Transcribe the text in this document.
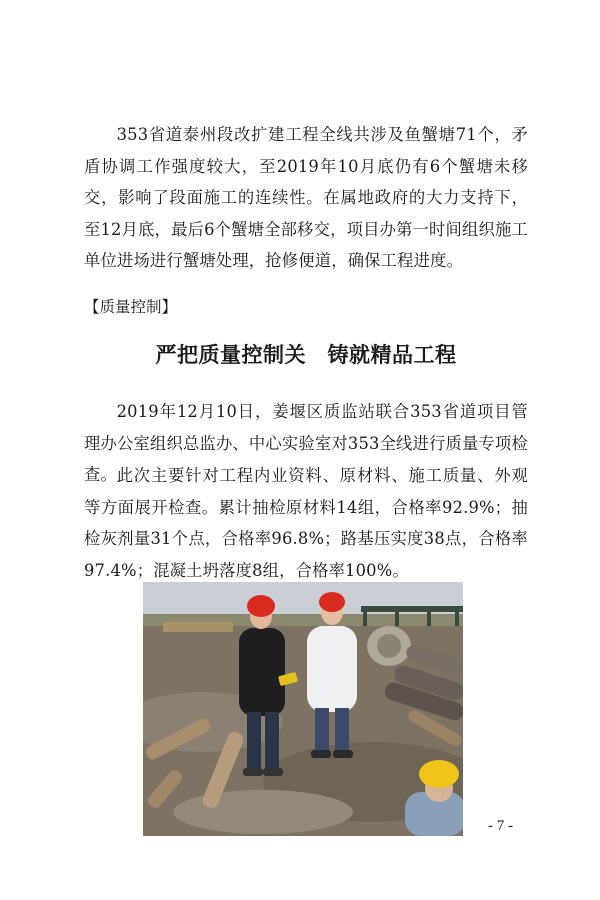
353省道泰州段改扩建工程全线共涉及鱼蟹塘71个，矛盾协调工作强度较大，至2019年10月底仍有6个蟹塘未移交，影响了段面施工的连续性。在属地政府的大力支持下，至12月底，最后6个蟹塘全部移交，项目办第一时间组织施工单位进场进行蟹塘处理，抢修便道，确保工程进度。

【质量控制】
严把质量控制关　铸就精品工程

2019年12月10日，姜堰区质监站联合353省道项目管理办公室组织总监办、中心实验室对353全线进行质量专项检查。 此次主要针对工程内业资料、原材料、施工质量、外观等方面展开检查。累计抽检原材料14组，合格率92.9%；抽检灰剂量31个点，合格率96.8%；路基压实度38点，合格率97.4%；混凝土坍落度8组，合格率100%。

- 7 -
